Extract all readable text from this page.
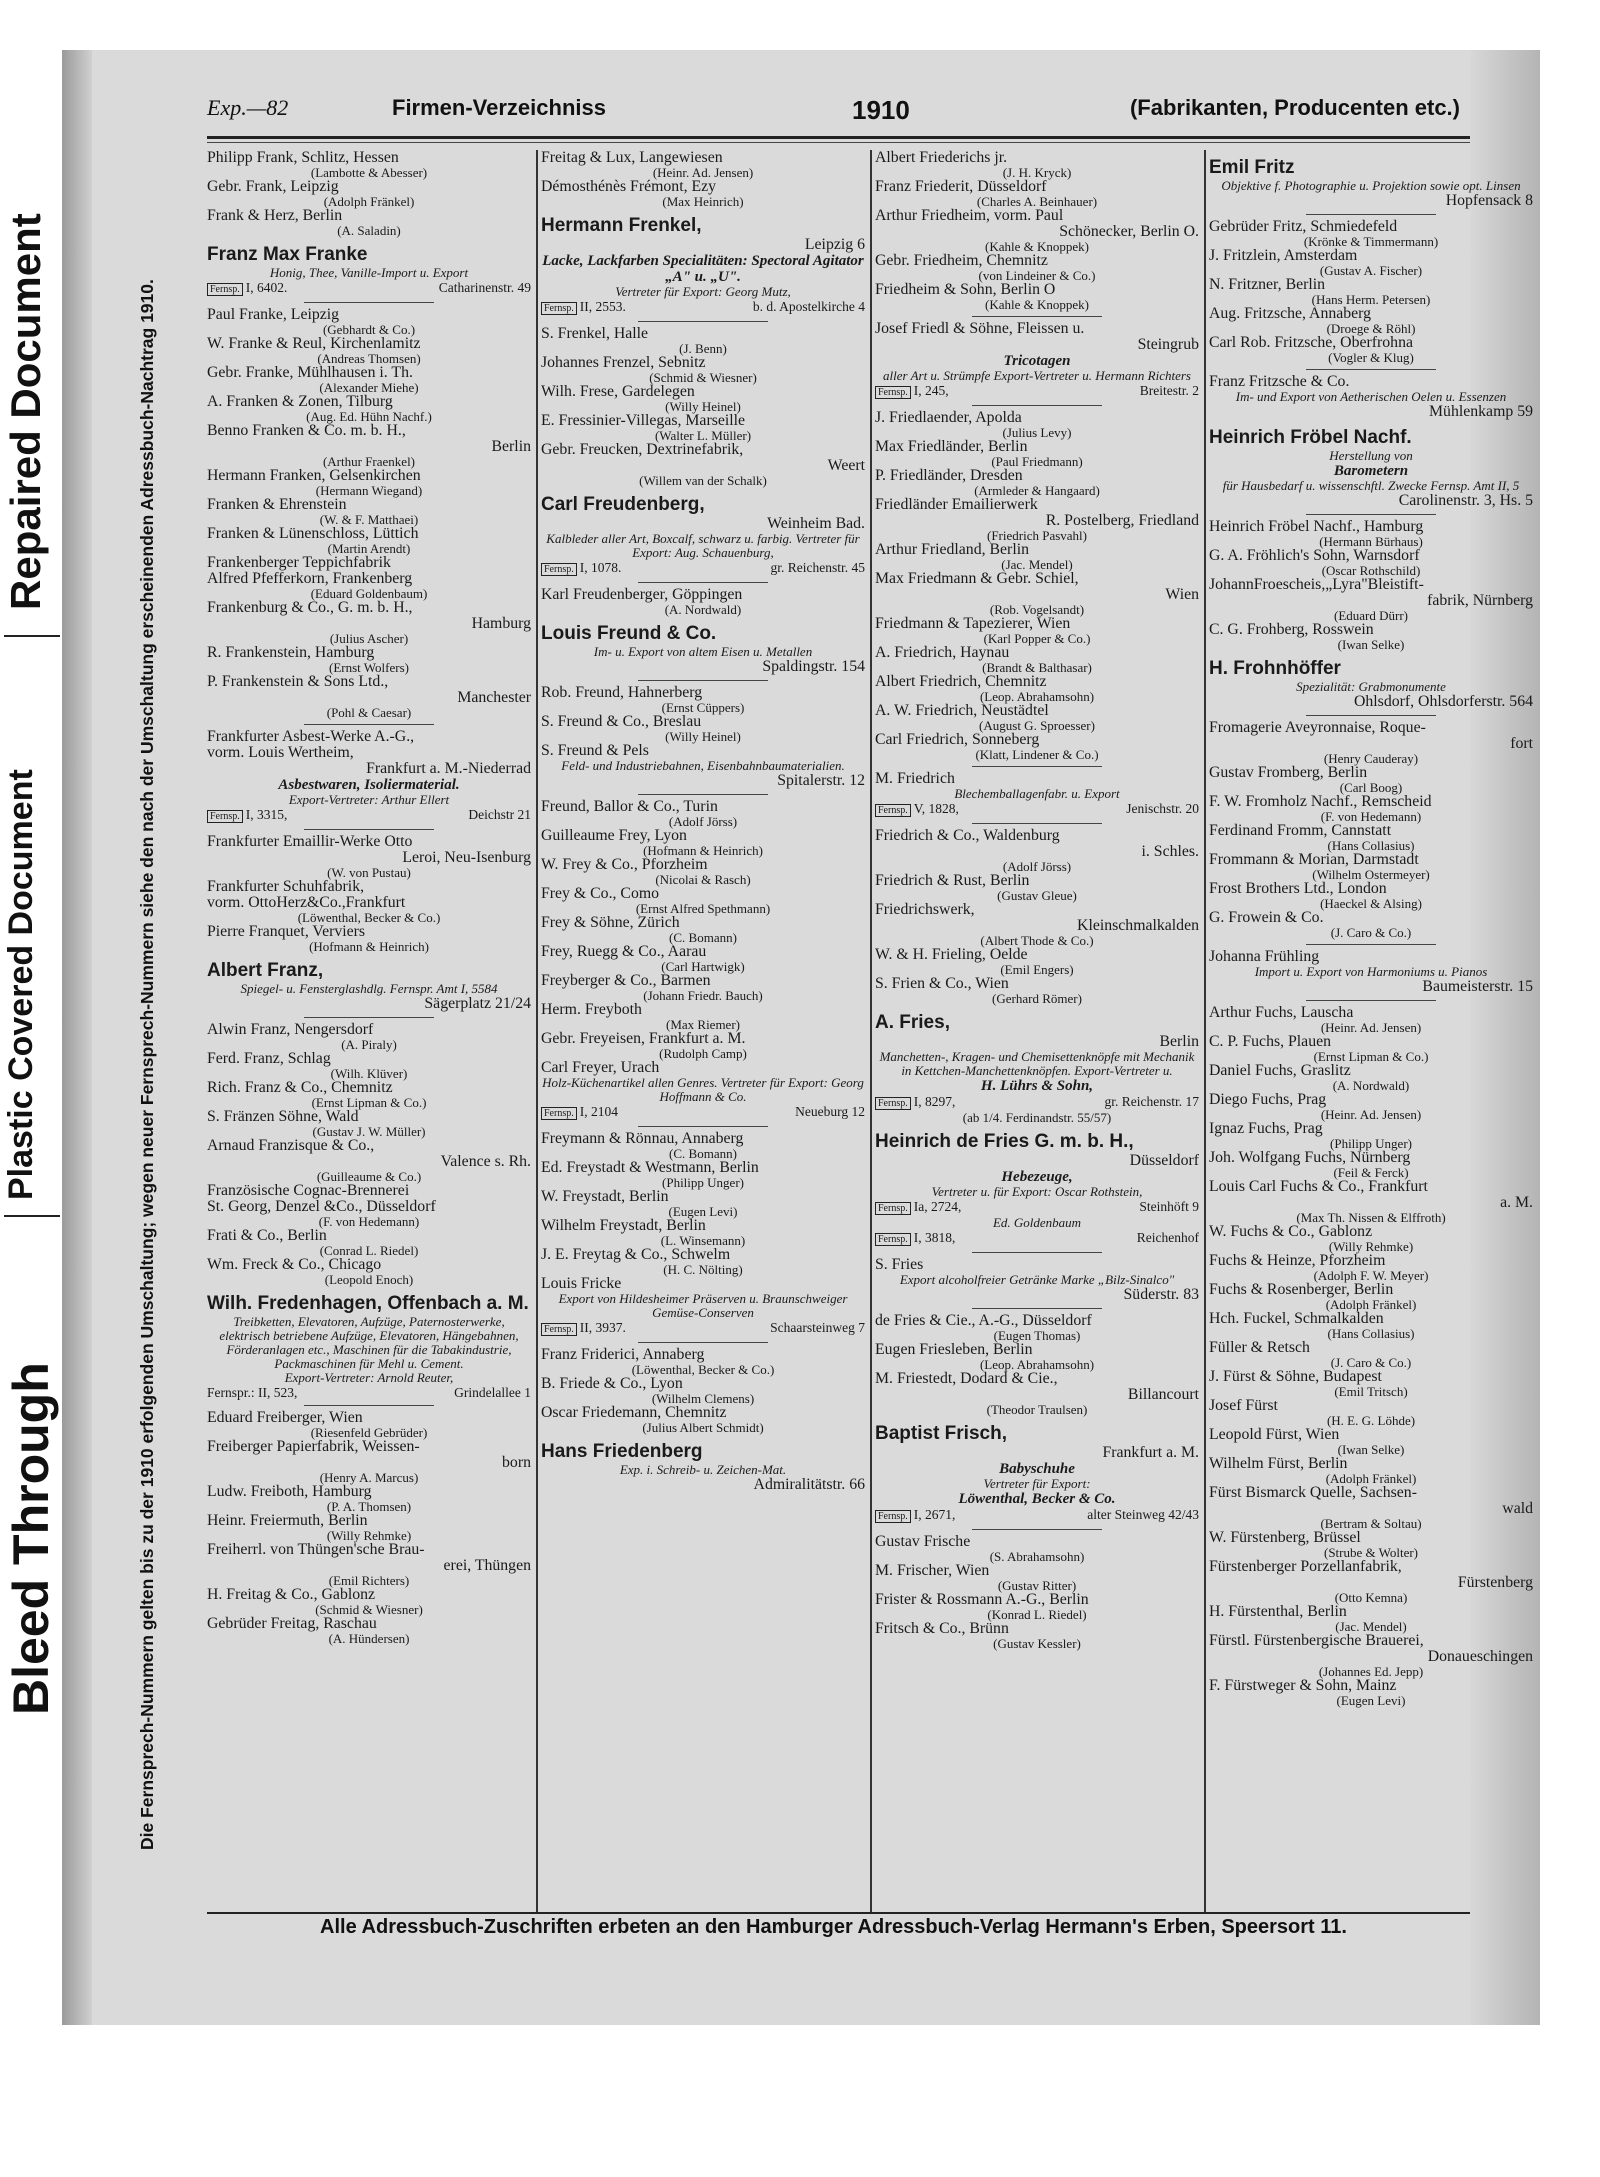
Repaired Document
Plastic Covered Document
Bleed Through	Die Fernsprech-Nummern gelten bis zu der 1910 erfolgenden Umschaltung; wegen neuer Fernsprech-Nummern siehe den nach der Umschaltung erscheinenden Adressbuch-Nachtrag 1910.
Exp.—82	Firmen-Verzeichniss	1910	(Fabrikanten, Producenten etc.)
Philipp Frank, Schlitz, Hessen
(Lambotte & Abesser)
Gebr. Frank, Leipzig
(Adolph Fränkel)
Frank & Herz, Berlin
(A. Saladin)
Franz Max Franke
Honig, Thee, Vanille-Import u. Export
Fernsp. I, 6402.	Catharinenstr. 49
Paul Franke, Leipzig
(Gebhardt & Co.)
W. Franke & Reul, Kirchenlamitz
(Andreas Thomsen)
Gebr. Franke, Mühlhausen i. Th.
(Alexander Miehe)
A. Franken & Zonen, Tilburg
(Aug. Ed. Hühn Nachf.)
Benno Franken & Co. m. b. H.,
Berlin
(Arthur Fraenkel)
Hermann Franken, Gelsenkirchen
(Hermann Wiegand)
Franken & Ehrenstein
(W. & F. Matthaei)
Franken & Lünenschloss, Lüttich
(Martin Arendt)
Frankenberger Teppichfabrik
Alfred Pfefferkorn, Frankenberg
(Eduard Goldenbaum)
Frankenburg & Co., G. m. b. H.,
Hamburg
(Julius Ascher)
R. Frankenstein, Hamburg
(Ernst Wolfers)
P. Frankenstein & Sons Ltd.,
Manchester
(Pohl & Caesar)
Frankfurter Asbest-Werke A.-G.,
vorm. Louis Wertheim,
Frankfurt a. M.-Niederrad
Asbestwaren, Isoliermaterial.
Export-Vertreter: Arthur Ellert
Fernsp. I, 3315,	Deichstr 21
Frankfurter Emaillir-Werke Otto
Leroi, Neu-Isenburg
(W. von Pustau)
Frankfurter Schuhfabrik,
vorm. OttoHerz&Co.,Frankfurt
(Löwenthal, Becker & Co.)
Pierre Franquet, Verviers
(Hofmann & Heinrich)
Albert Franz,
Spiegel- u. Fensterglashdlg. Fernspr. Amt I, 5584
Sägerplatz 21/24
Alwin Franz, Nengersdorf
(A. Piraly)
Ferd. Franz, Schlag
(Wilh. Klüver)
Rich. Franz & Co., Chemnitz
(Ernst Lipman & Co.)
S. Fränzen Söhne, Wald
(Gustav J. W. Müller)
Arnaud Franzisque & Co.,
Valence s. Rh.
(Guilleaume & Co.)
Französische Cognac-Brennerei
St. Georg, Denzel &Co., Düsseldorf
(F. von Hedemann)
Frati & Co., Berlin
(Conrad L. Riedel)
Wm. Freck & Co., Chicago
(Leopold Enoch)
Wilh. Fredenhagen, Offenbach a. M.
Treibketten, Elevatoren, Aufzüge, Paternosterwerke, elektrisch betriebene Aufzüge, Elevatoren, Hängebahnen, Förderanlagen etc., Maschinen für die Tabakindustrie, Packmaschinen für Mehl u. Cement.
Export-Vertreter: Arnold Reuter,
Fernspr.: II, 523,	Grindelallee 1
Eduard Freiberger, Wien
(Riesenfeld Gebrüder)
Freiberger Papierfabrik, Weissen-
born
(Henry A. Marcus)
Ludw. Freiboth, Hamburg
(P. A. Thomsen)
Heinr. Freiermuth, Berlin
(Willy Rehmke)
Freiherrl. von Thüngen'sche Brau-
erei, Thüngen
(Emil Richters)
H. Freitag & Co., Gablonz
(Schmid & Wiesner)
Gebrüder Freitag, Raschau
(A. Hündersen)
Freitag & Lux, Langewiesen
(Heinr. Ad. Jensen)
Démosthénès Frémont, Ezy
(Max Heinrich)
Hermann Frenkel,
Leipzig 6
Lacke, Lackfarben Specialitäten: Spectoral Agitator „A" u. „U".
Vertreter für Export: Georg Mutz,
Fernsp. II, 2553.	b. d. Apostelkirche 4
S. Frenkel, Halle
(J. Benn)
Johannes Frenzel, Sebnitz
(Schmid & Wiesner)
Wilh. Frese, Gardelegen
(Willy Heinel)
E. Fressinier-Villegas, Marseille
(Walter L. Müller)
Gebr. Freucken, Dextrinefabrik,
Weert
(Willem van der Schalk)
Carl Freudenberg,
Weinheim Bad.
Kalbleder aller Art, Boxcalf, schwarz u. farbig. Vertreter für Export: Aug. Schauenburg,
Fernsp. I, 1078.	gr. Reichenstr. 45
Karl Freudenberger, Göppingen
(A. Nordwald)
Louis Freund & Co.
Im- u. Export von altem Eisen u. Metallen
Spaldingstr. 154
Rob. Freund, Hahnerberg
(Ernst Cüppers)
S. Freund & Co., Breslau
(Willy Heinel)
S. Freund & Pels
Feld- und Industriebahnen, Eisenbahnbaumaterialien.
Spitalerstr. 12
Freund, Ballor & Co., Turin
(Adolf Jörss)
Guilleaume Frey, Lyon
(Hofmann & Heinrich)
W. Frey & Co., Pforzheim
(Nicolai & Rasch)
Frey & Co., Como
(Ernst Alfred Spethmann)
Frey & Söhne, Zürich
(C. Bomann)
Frey, Ruegg & Co., Aarau
(Carl Hartwigk)
Freyberger & Co., Barmen
(Johann Friedr. Bauch)
Herm. Freyboth
(Max Riemer)
Gebr. Freyeisen, Frankfurt a. M.
(Rudolph Camp)
Carl Freyer, Urach
Holz-Küchenartikel allen Genres. Vertreter für Export: Georg Hoffmann & Co.
Fernsp. I, 2104	Neueburg 12
Freymann & Rönnau, Annaberg
(C. Bomann)
Ed. Freystadt & Westmann, Berlin
(Philipp Unger)
W. Freystadt, Berlin
(Eugen Levi)
Wilhelm Freystadt, Berlin
(L. Winsemann)
J. E. Freytag & Co., Schwelm
(H. C. Nölting)
Louis Fricke
Export von Hildesheimer Präserven u. Braunschweiger Gemüse-Conserven
Fernsp. II, 3937.	Schaarsteinweg 7
Franz Friderici, Annaberg
(Löwenthal, Becker & Co.)
B. Friede & Co., Lyon
(Wilhelm Clemens)
Oscar Friedemann, Chemnitz
(Julius Albert Schmidt)
Hans Friedenberg
Exp. i. Schreib- u. Zeichen-Mat.
Admiralitätstr. 66
Albert Friederichs jr.
(J. H. Kryck)
Franz Friederit, Düsseldorf
(Charles A. Beinhauer)
Arthur Friedheim, vorm. Paul
Schönecker, Berlin O.
(Kahle & Knoppek)
Gebr. Friedheim, Chemnitz
(von Lindeiner & Co.)
Friedheim & Sohn, Berlin O
(Kahle & Knoppek)
Josef Friedl & Söhne, Fleissen u.
Steingrub
Tricotagen
aller Art u. Strümpfe Export-Vertreter u. Hermann Richters
Fernsp. I, 245,	Breitestr. 2
J. Friedlaender, Apolda
(Julius Levy)
Max Friedländer, Berlin
(Paul Friedmann)
P. Friedländer, Dresden
(Armleder & Hangaard)
Friedländer Emailierwerk
R. Postelberg, Friedland
(Friedrich Pasvahl)
Arthur Friedland, Berlin
(Jac. Mendel)
Max Friedmann & Gebr. Schiel,
Wien
(Rob. Vogelsandt)
Friedmann & Tapezierer, Wien
(Karl Popper & Co.)
A. Friedrich, Haynau
(Brandt & Balthasar)
Albert Friedrich, Chemnitz
(Leop. Abrahamsohn)
A. W. Friedrich, Neustädtel
(August G. Sproesser)
Carl Friedrich, Sonneberg
(Klatt, Lindener & Co.)
M. Friedrich
Blechemballagenfabr. u. Export
Fernsp. V, 1828,	Jenischstr. 20
Friedrich & Co., Waldenburg
i. Schles.
(Adolf Jörss)
Friedrich & Rust, Berlin
(Gustav Gleue)
Friedrichswerk,
Kleinschmalkalden
(Albert Thode & Co.)
W. & H. Frieling, Oelde
(Emil Engers)
S. Frien & Co., Wien
(Gerhard Römer)
A. Fries,
Berlin
Manchetten-, Kragen- und Chemisettenknöpfe mit Mechanik in Kettchen-Manchettenknöpfen. Export-Vertreter u.
H. Lührs & Sohn,
Fernsp. I, 8297,	gr. Reichenstr. 17
(ab 1/4. Ferdinandstr. 55/57)
Heinrich de Fries G. m. b. H.,
Düsseldorf
Hebezeuge,
Vertreter u. für Export: Oscar Rothstein,
Fernsp. Ia, 2724,	Steinhöft 9
Ed. Goldenbaum
Fernsp. I, 3818,	Reichenhof
S. Fries
Export alcoholfreier Getränke Marke „Bilz-Sinalco"
Süderstr. 83
de Fries & Cie., A.-G., Düsseldorf
(Eugen Thomas)
Eugen Friesleben, Berlin
(Leop. Abrahamsohn)
M. Friestedt, Dodard & Cie.,
Billancourt
(Theodor Traulsen)
Baptist Frisch,
Frankfurt a. M.
Babyschuhe
Vertreter für Export:
Löwenthal, Becker & Co.
Fernsp. I, 2671,	alter Steinweg 42/43
Gustav Frische
(S. Abrahamsohn)
M. Frischer, Wien
(Gustav Ritter)
Frister & Rossmann A.-G., Berlin
(Konrad L. Riedel)
Fritsch & Co., Brünn
(Gustav Kessler)
Emil Fritz
Objektive f. Photographie u. Projektion sowie opt. Linsen
Hopfensack 8
Gebrüder Fritz, Schmiedefeld
(Krönke & Timmermann)
J. Fritzlein, Amsterdam
(Gustav A. Fischer)
N. Fritzner, Berlin
(Hans Herm. Petersen)
Aug. Fritzsche, Annaberg
(Droege & Röhl)
Carl Rob. Fritzsche, Oberfrohna
(Vogler & Klug)
Franz Fritzsche & Co.
Im- und Export von Aetherischen Oelen u. Essenzen
Mühlenkamp 59
Heinrich Fröbel Nachf.
Herstellung von
Barometern
für Hausbedarf u. wissenschftl. Zwecke Fernsp. Amt II, 5
Carolinenstr. 3, Hs. 5
Heinrich Fröbel Nachf., Hamburg
(Hermann Bürhaus)
G. A. Fröhlich's Sohn, Warnsdorf
(Oscar Rothschild)
JohannFroescheis,„Lyra"Bleistift-
fabrik, Nürnberg
(Eduard Dürr)
C. G. Frohberg, Rosswein
(Iwan Selke)
H. Frohnhöffer
Spezialität: Grabmonumente
Ohlsdorf, Ohlsdorferstr. 564
Fromagerie Aveyronnaise, Roque-
fort
(Henry Cauderay)
Gustav Fromberg, Berlin
(Carl Boog)
F. W. Fromholz Nachf., Remscheid
(F. von Hedemann)
Ferdinand Fromm, Cannstatt
(Hans Collasius)
Frommann & Morian, Darmstadt
(Wilhelm Ostermeyer)
Frost Brothers Ltd., London
(Haeckel & Alsing)
G. Frowein & Co.
(J. Caro & Co.)
Johanna Frühling
Import u. Export von Harmoniums u. Pianos
Baumeisterstr. 15
Arthur Fuchs, Lauscha
(Heinr. Ad. Jensen)
C. P. Fuchs, Plauen
(Ernst Lipman & Co.)
Daniel Fuchs, Graslitz
(A. Nordwald)
Diego Fuchs, Prag
(Heinr. Ad. Jensen)
Ignaz Fuchs, Prag
(Philipp Unger)
Joh. Wolfgang Fuchs, Nürnberg
(Feil & Ferck)
Louis Carl Fuchs & Co., Frankfurt
a. M.
(Max Th. Nissen & Elffroth)
W. Fuchs & Co., Gablonz
(Willy Rehmke)
Fuchs & Heinze, Pforzheim
(Adolph F. W. Meyer)
Fuchs & Rosenberger, Berlin
(Adolph Fränkel)
Hch. Fuckel, Schmalkalden
(Hans Collasius)
Füller & Retsch
(J. Caro & Co.)
J. Fürst & Söhne, Budapest
(Emil Tritsch)
Josef Fürst
(H. E. G. Löhde)
Leopold Fürst, Wien
(Iwan Selke)
Wilhelm Fürst, Berlin
(Adolph Fränkel)
Fürst Bismarck Quelle, Sachsen-
wald
(Bertram & Soltau)
W. Fürstenberg, Brüssel
(Strube & Wolter)
Fürstenberger Porzellanfabrik,
Fürstenberg
(Otto Kemna)
H. Fürstenthal, Berlin
(Jac. Mendel)
Fürstl. Fürstenbergische Brauerei,
Donaueschingen
(Johannes Ed. Jepp)
F. Fürstweger & Sohn, Mainz
(Eugen Levi)
Alle Adressbuch-Zuschriften erbeten an den Hamburger Adressbuch-Verlag Hermann's Erben, Speersort 11.
